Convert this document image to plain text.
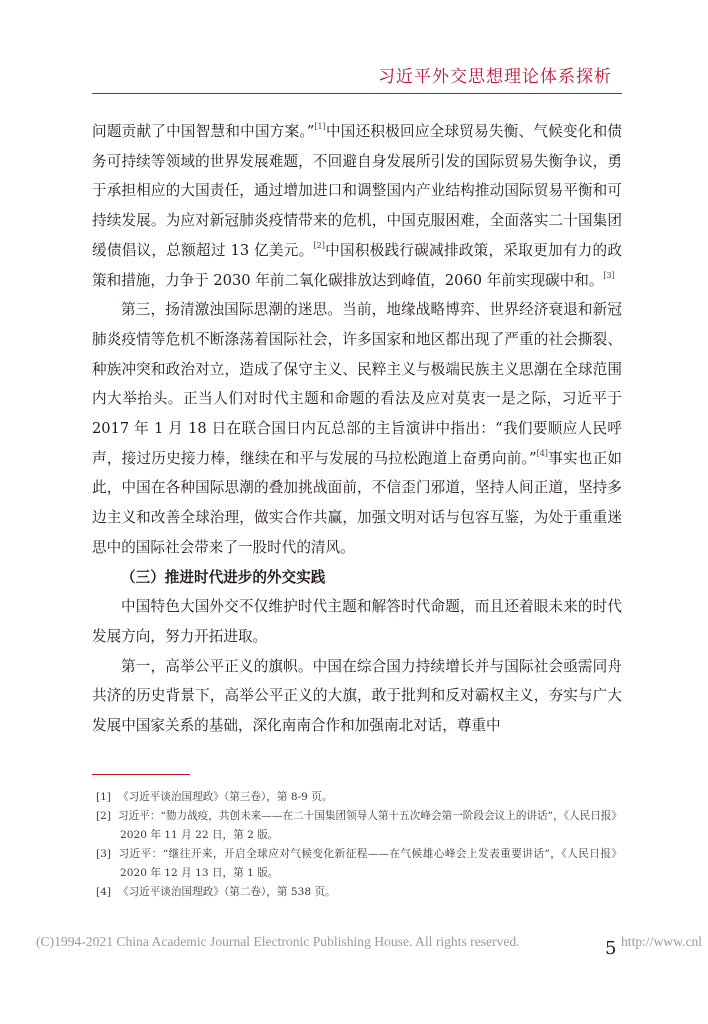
习近平外交思想理论体系探析

问题贡献了中国智慧和中国方案。”[1]中国还积极回应全球贸易失衡、气候变化和债务可持续等领域的世界发展难题，不回避自身发展所引发的国际贸易失衡争议，勇于承担相应的大国责任，通过增加进口和调整国内产业结构推动国际贸易平衡和可持续发展。为应对新冠肺炎疫情带来的危机，中国克服困难，全面落实二十国集团缓债倡议，总额超过 13 亿美元。[2]中国积极践行碳减排政策，采取更加有力的政策和措施，力争于 2030 年前二氧化碳排放达到峰值，2060 年前实现碳中和。[3]

第三，扬清激浊国际思潮的迷思。当前，地缘战略博弈、世界经济衰退和新冠肺炎疫情等危机不断涤荡着国际社会，许多国家和地区都出现了严重的社会撕裂、种族冲突和政治对立，造成了保守主义、民粹主义与极端民族主义思潮在全球范围内大举抬头。正当人们对时代主题和命题的看法及应对莫衷一是之际，习近平于 2017 年 1 月 18 日在联合国日内瓦总部的主旨演讲中指出：“我们要顺应人民呼声，接过历史接力棒，继续在和平与发展的马拉松跑道上奋勇向前。”[4]事实也正如此，中国在各种国际思潮的叠加挑战面前，不信歪门邪道，坚持人间正道，坚持多边主义和改善全球治理，做实合作共赢，加强文明对话与包容互鉴，为处于重重迷思中的国际社会带来了一股时代的清风。

（三）推进时代进步的外交实践

中国特色大国外交不仅维护时代主题和解答时代命题，而且还着眼未来的时代发展方向，努力开拓进取。

第一，高举公平正义的旗帜。中国在综合国力持续增长并与国际社会亟需同舟共济的历史背景下，高举公平正义的大旗，敢于批判和反对霸权主义，夯实与广大发展中国家关系的基础，深化南南合作和加强南北对话，尊重中

[1] 《习近平谈治国理政》（第三卷），第 8-9 页。
[2] 习近平：“勠力战疫，共创未来——在二十国集团领导人第十五次峰会第一阶段会议上的讲话”，《人民日报》 2020 年 11 月 22 日，第 2 版。
[3] 习近平：“继往开来，开启全球应对气候变化新征程——在气候雄心峰会上发表重要讲话”，《人民日报》 2020 年 12 月 13 日，第 1 版。
[4] 《习近平谈治国理政》（第二卷），第 538 页。
(C)1994-2021 China Academic Journal Electronic Publishing House. All rights reserved.	5 http://www.cnl
